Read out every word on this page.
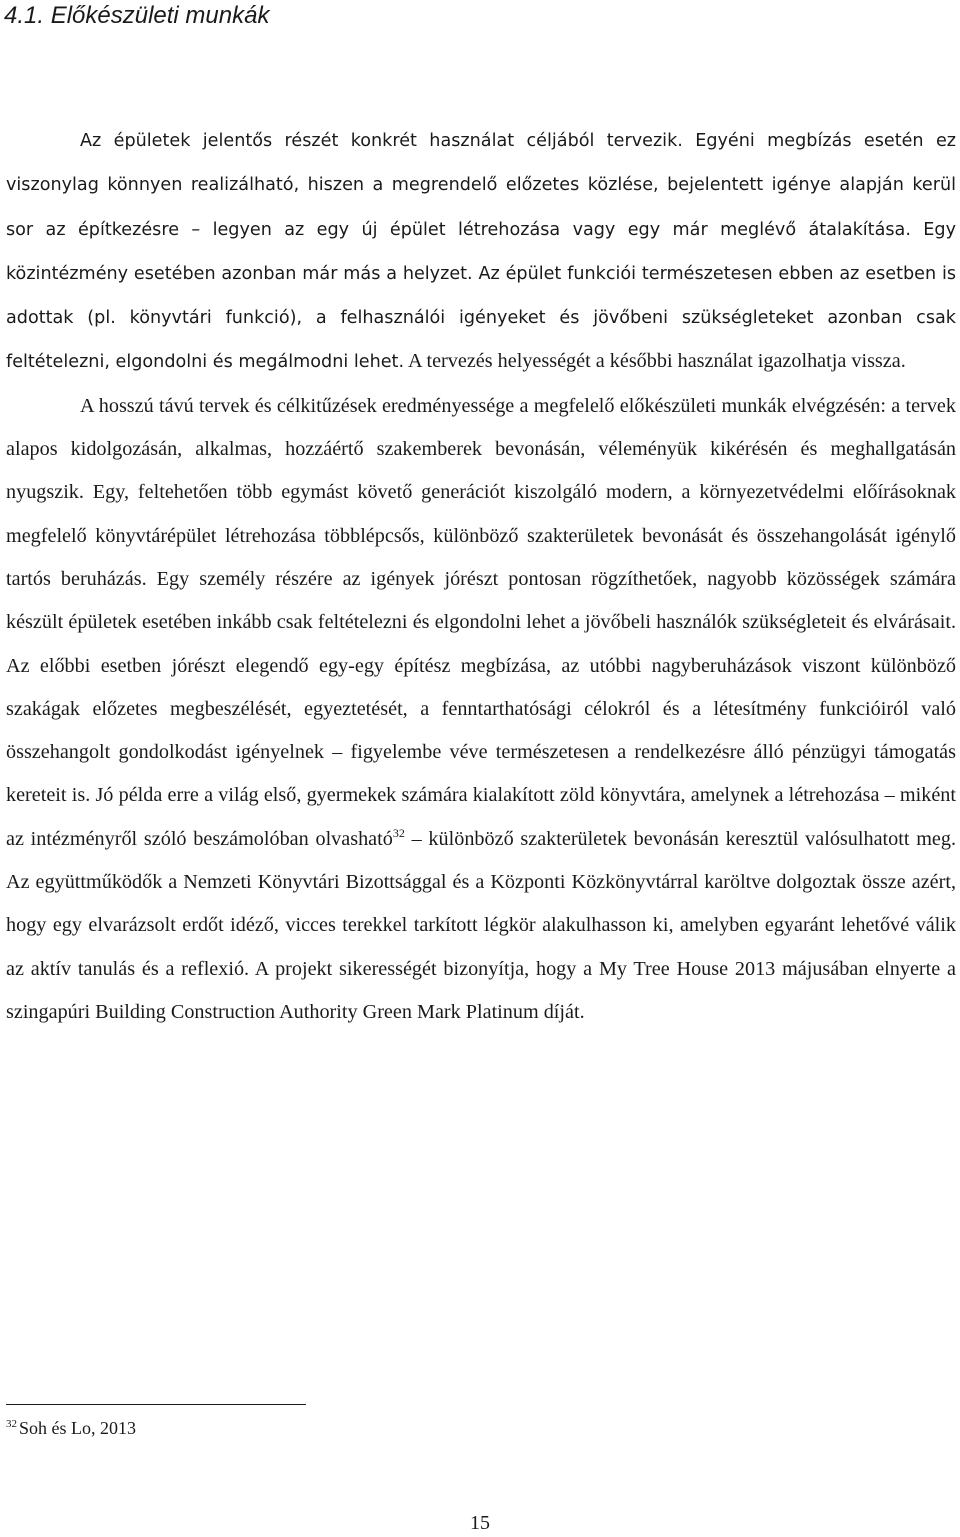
4.1. Előkészületi munkák

Az épületek jelentős részét konkrét használat céljából tervezik. Egyéni megbízás esetén ez viszonylag könnyen realizálható, hiszen a megrendelő előzetes közlése, bejelentett igénye alapján kerül sor az építkezésre – legyen az egy új épület létrehozása vagy egy már meglévő átalakítása. Egy közintézmény esetében azonban már más a helyzet. Az épület funkciói természetesen ebben az esetben is adottak (pl. könyvtári funkció), a felhasználói igényeket és jövőbeni szükségleteket azonban csak feltételezni, elgondolni és megálmodni lehet. A tervezés helyességét a későbbi használat igazolhatja vissza.

A hosszú távú tervek és célkitűzések eredményessége a megfelelő előkészületi munkák elvégzésén: a tervek alapos kidolgozásán, alkalmas, hozzáértő szakemberek bevonásán, véleményük kikérésén és meghallgatásán nyugszik. Egy, feltehetően több egymást követő generációt kiszolgáló modern, a környezetvédelmi előírásoknak megfelelő könyvtárépület létrehozása többlépcsős, különböző szakterületek bevonását és összehangolását igénylő tartós beruházás. Egy személy részére az igények jórészt pontosan rögzíthetőek, nagyobb közösségek számára készült épületek esetében inkább csak feltételezni és elgondolni lehet a jövőbeli használók szükségleteit és elvárásait. Az előbbi esetben jórészt elegendő egy-egy építész megbízása, az utóbbi nagyberuházások viszont különböző szakágak előzetes megbeszélését, egyeztetését, a fenntarthatósági célokról és a létesítmény funkcióiról való összehangolt gondolkodást igényelnek – figyelembe véve természetesen a rendelkezésre álló pénzügyi támogatás kereteit is. Jó példa erre a világ első, gyermekek számára kialakított zöld könyvtára, amelynek a létrehozása – miként az intézményről szóló beszámolóban olvasható$^{32}$ – különböző szakterületek bevonásán keresztül valósulhatott meg. Az együttműködők a Nemzeti Könyvtári Bizottsággal és a Központi Közkönyvtárral karöltve dolgoztak össze azért, hogy egy elvarázsolt erdőt idéző, vicces terekkel tarkított légkör alakulhasson ki, amelyben egyaránt lehetővé válik az aktív tanulás és a reflexió. A projekt sikerességét bizonyítja, hogy a My Tree House 2013 májusában elnyerte a szingapúri Building Construction Authority Green Mark Platinum díját.

$^{32}$ Soh és Lo, 2013
15
